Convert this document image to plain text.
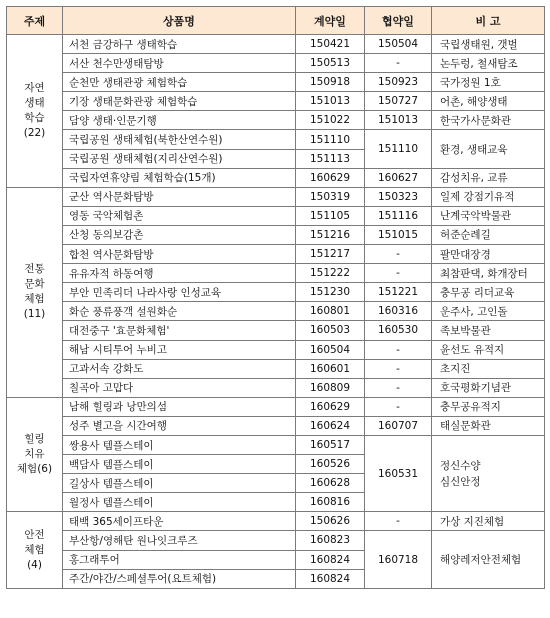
주제	상품명	계약일	협약일	비 고
자연
생태
학습
(22)	서천 금강하구 생태학습	150421	150504	국립생태원, 갯벌
	서산 천수만생태탐방	150513	-	논두렁, 철새탐조
	순천만 생태관광 체험학습	150918	150923	국가정원 1호
	기장 생태문화관광 체험학습	151013	150727	어촌, 해양생태
	담양 생태·인문기행	151022	151013	한국가사문화관
	국립공원 생태체험(북한산연수원)	151110	151110	환경, 생태교육
	국립공원 생태체험(지리산연수원)	151113		
	국립자연휴양림 체험학습(15개)	160629	160627	감성치유, 교류
전통
문화
체험
(11)	군산 역사문화탐방	150319	150323	일제 강점기유적
	영동 국악체험촌	151105	151116	난계국악박물관
	산청 동의보감촌	151216	151015	허준순례길
	합천 역사문화탐방	151217	-	팔만대장경
	유유자적 하동여행	151222	-	최참판댁, 화개장터
	부안 민족리더 나라사랑 인성교육	151230	151221	충무공 리더교육
	화순 풍류풍객 설원화순	160801	160316	운주사, 고인돌
	대전중구 '효문화체험'	160503	160530	족보박물관
	해남 시티투어 누비고	160504	-	윤선도 유적지
	고과서속 강화도	160601	-	초지진
	칠곡아 고맙다	160809	-	호국평화기념관
힐링
치유
체험(6)	남해 힐링과 낭만의섬	160629	-	충무공유적지
	성주 별고을 시간여행	160624	160707	태실문화관
	쌍용사 템플스테이	160517	160531	정신수양
심신안정
	백담사 템플스테이	160526		
	길상사 템플스테이	160628		
	월정사 템플스테이	160816		
안전
체험
(4)	태백 365세이프타운	150626	-	가상 지진체험
	부산항/영해탄 원나잇크루즈	160823	160718	해양레저안전체험
	홍그래투어	160824		
	주간/야간/스페셜투어(요트체험)	160824		
